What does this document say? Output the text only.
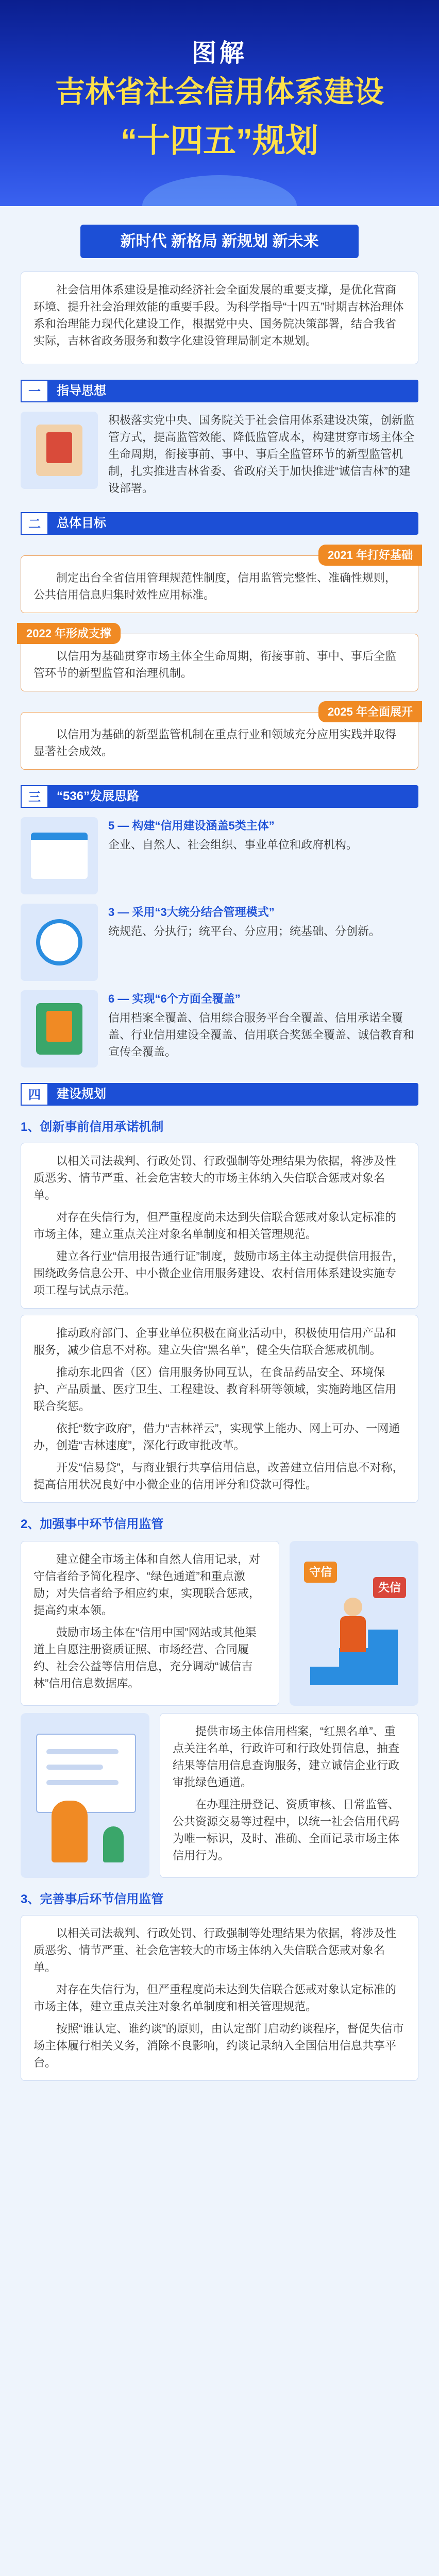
图解
吉林省社会信用体系建设
“十四五”规划
新时代 新格局 新规划 新未来

社会信用体系建设是推动经济社会全面发展的重要支撑，是优化营商环境、提升社会治理效能的重要手段。为科学指导“十四五”时期吉林治理体系和治理能力现代化建设工作，根据党中央、国务院决策部署，结合我省实际，吉林省政务服务和数字化建设管理局制定本规划。

一	指导思想
积极落实党中央、国务院关于社会信用体系建设决策，创新监管方式，提高监管效能、降低监管成本，构建贯穿市场主体全生命周期，衔接事前、事中、事后全监管环节的新型监管机制，扎实推进吉林省委、省政府关于加快推进“诚信吉林”的建设部署。
二	总体目标
2021 年打好基础

制定出台全省信用管理规范性制度，信用监管完整性、准确性规则，公共信用信息归集时效性应用标准。

2022 年形成支撑

以信用为基础贯穿市场主体全生命周期，衔接事前、事中、事后全监管环节的新型监管和治理机制。

2025 年全面展开

以信用为基础的新型监管机制在重点行业和领域充分应用实践并取得显著社会成效。

三	“536”发展思路
5 — 构建“信用建设涵盖5类主体”
企业、自然人、社会组织、事业单位和政府机构。
3 — 采用“3大统分结合管理模式”
统规范、分执行；统平台、分应用；统基础、分创新。
6 — 实现“6个方面全覆盖”
信用档案全覆盖、信用综合服务平台全覆盖、信用承诺全覆盖、行业信用建设全覆盖、信用联合奖惩全覆盖、诚信教育和宣传全覆盖。
四	建设规划
1、创新事前信用承诺机制

以相关司法裁判、行政处罚、行政强制等处理结果为依据，将涉及性质恶劣、情节严重、社会危害较大的市场主体纳入失信联合惩戒对象名单。

对存在失信行为，但严重程度尚未达到失信联合惩戒对象认定标准的市场主体，建立重点关注对象名单制度和相关管理规范。

建立各行业“信用报告通行证”制度，鼓励市场主体主动提供信用报告，围绕政务信息公开、中小微企业信用服务建设、农村信用体系建设实施专项工程与试点示范。

推动政府部门、企事业单位积极在商业活动中，积极使用信用产品和服务，减少信息不对称。建立失信“黑名单”，健全失信联合惩戒机制。

推动东北四省（区）信用服务协同互认，在食品药品安全、环境保护、产品质量、医疗卫生、工程建设、教育科研等领域，实施跨地区信用联合奖惩。

依托“数字政府”，借力“吉林祥云”，实现掌上能办、网上可办、一网通办，创造“吉林速度”，深化行政审批改革。

开发“信易贷”，与商业银行共享信用信息，改善建立信用信息不对称，提高信用状况良好中小微企业的信用评分和贷款可得性。

2、加强事中环节信用监管

建立健全市场主体和自然人信用记录，对守信者给予简化程序、“绿色通道”和重点激励；对失信者给予相应约束，实现联合惩戒，提高约束本领。

鼓励市场主体在“信用中国”网站或其他渠道上自愿注册资质证照、市场经营、合同履约、社会公益等信用信息，充分调动“诚信吉林”信用信息数据库。

守信
失信

提供市场主体信用档案，“红黑名单”、重点关注名单，行政许可和行政处罚信息，抽查结果等信用信息查询服务，建立诚信企业行政审批绿色通道。

在办理注册登记、资质审核、日常监管、公共资源交易等过程中，以统一社会信用代码为唯一标识，及时、准确、全面记录市场主体信用行为。

3、完善事后环节信用监管

以相关司法裁判、行政处罚、行政强制等处理结果为依据，将涉及性质恶劣、情节严重、社会危害较大的市场主体纳入失信联合惩戒对象名单。

对存在失信行为，但严重程度尚未达到失信联合惩戒对象认定标准的市场主体，建立重点关注对象名单制度和相关管理规范。

按照“谁认定、谁约谈”的原则，由认定部门启动约谈程序，督促失信市场主体履行相关义务，消除不良影响，约谈记录纳入全国信用信息共享平台。
